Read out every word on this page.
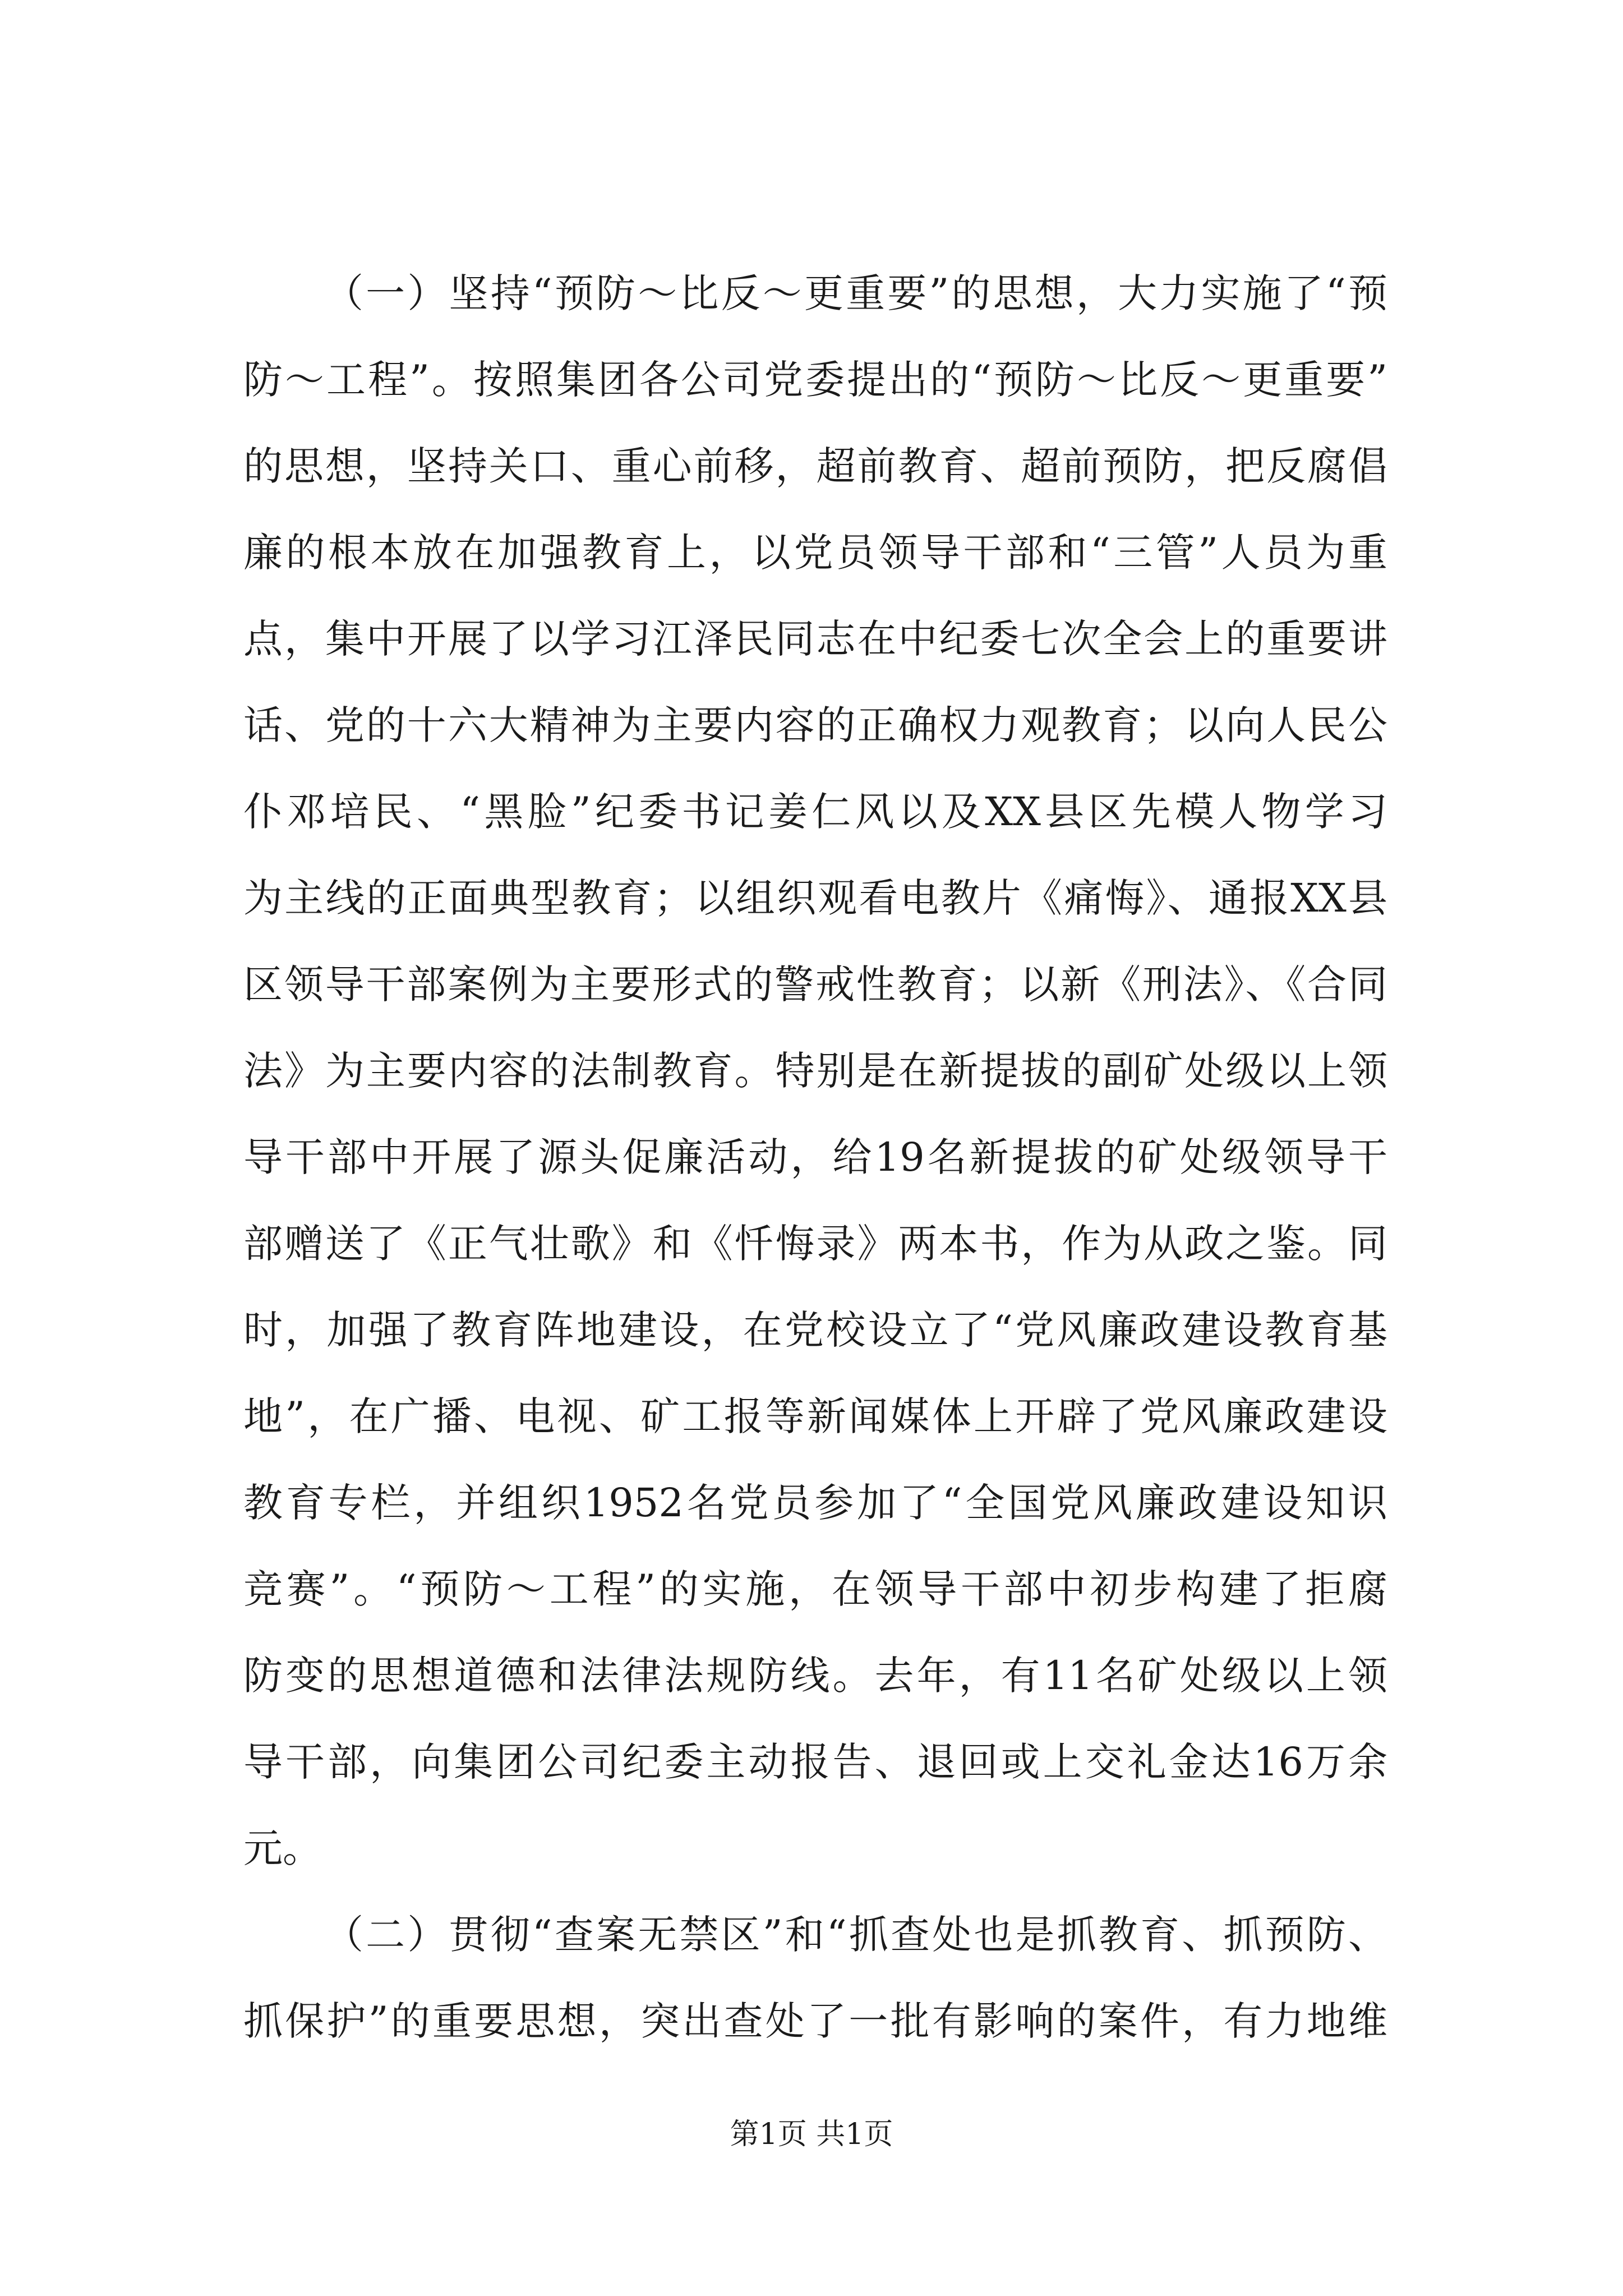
（一）坚持“预防～比反～更重要”的思想，大力实施了“预
防～工程”。按照集团各公司党委提出的“预防～比反～更重要”
的思想，坚持关口、重心前移，超前教育、超前预防，把反腐倡
廉的根本放在加强教育上，以党员领导干部和“三管”人员为重
点，集中开展了以学习江泽民同志在中纪委七次全会上的重要讲
话、党的十六大精神为主要内容的正确权力观教育；以向人民公
仆邓培民、“黑脸”纪委书记姜仁风以及XX县区先模人物学习
为主线的正面典型教育；以组织观看电教片《痛悔》、通报XX县
区领导干部案例为主要形式的警戒性教育；以新《刑法》、《合同
法》为主要内容的法制教育。特别是在新提拔的副矿处级以上领
导干部中开展了源头促廉活动，给19名新提拔的矿处级领导干
部赠送了《正气壮歌》和《忏悔录》两本书，作为从政之鉴。同
时，加强了教育阵地建设，在党校设立了“党风廉政建设教育基
地”，在广播、电视、矿工报等新闻媒体上开辟了党风廉政建设
教育专栏，并组织1952名党员参加了“全国党风廉政建设知识
竞赛”。“预防～工程”的实施，在领导干部中初步构建了拒腐
防变的思想道德和法律法规防线。去年，有11名矿处级以上领
导干部，向集团公司纪委主动报告、退回或上交礼金达16万余
元。
（二）贯彻“查案无禁区”和“抓查处也是抓教育、抓预防、
抓保护”的重要思想，突出查处了一批有影响的案件，有力地维
第1页 共1页
